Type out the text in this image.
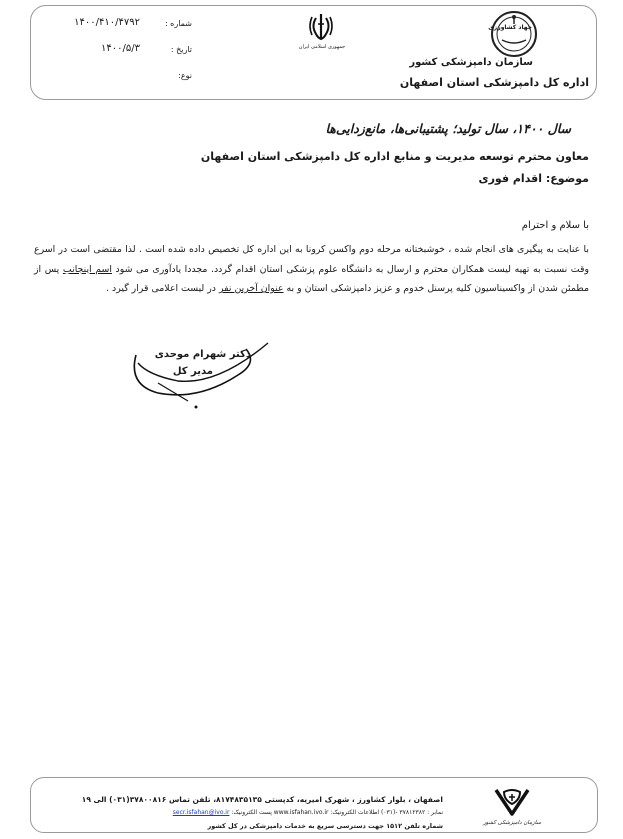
جهاد کشاورزی
سازمان دامپزشکی کشور
اداره کل دامپزشکی استان اصفهان
جمهوری اسلامی ایران
شماره :
۱۴۰۰/۴۱۰/۴۷۹۲
تاریخ :
۱۴۰۰/۵/۳
نوع:
سال ۱۴۰۰، سال تولید؛ پشتیبانی‌ها، مانع‌زدایی‌ها
معاون محترم توسعه مدیریت و منابع اداره کل دامپزشکی استان اصفهان
موضوع: اقدام فوری
با سلام و احترام
با عنایت به پیگیری های انجام شده ، خوشبختانه مرحله دوم واکسن کرونا به این اداره کل تخصیص داده شده است . لذا مقتضی است در اسرع وقت نسبت به تهیه لیست همکاران محترم و ارسال به دانشگاه علوم پزشکی استان اقدام گردد. مجددا یادآوری می شود اسم اینجانب پس از مطمئن شدن از واکسیناسیون کلیه پرسنل خدوم و عزیز دامپزشکی استان و به عنوان آخرین نفر در لیست اعلامی قرار گیرد .
دکتر شهرام موحدی
مدیر کل
اصفهان ، بلوار کشاورز ، شهرک امیریه، کدپستی ۸۱۷۴۸۳۵۱۳۵، تلفن تماس ۳۷۸۰۰۸۱۶(۰۳۱) الی ۱۹
نمابر : ۳۷۸۱۲۳۸۲ -(۰۳۱) اطلاعات الکترونیک: www.isfahan.ivo.ir پست الکترونیک: secr.isfahan@ivo.ir
شماره تلفن ۱۵۱۲ جهت دسترسی سریع به خدمات دامپزشکی در کل کشور	سازمان دامپزشکی کشور
